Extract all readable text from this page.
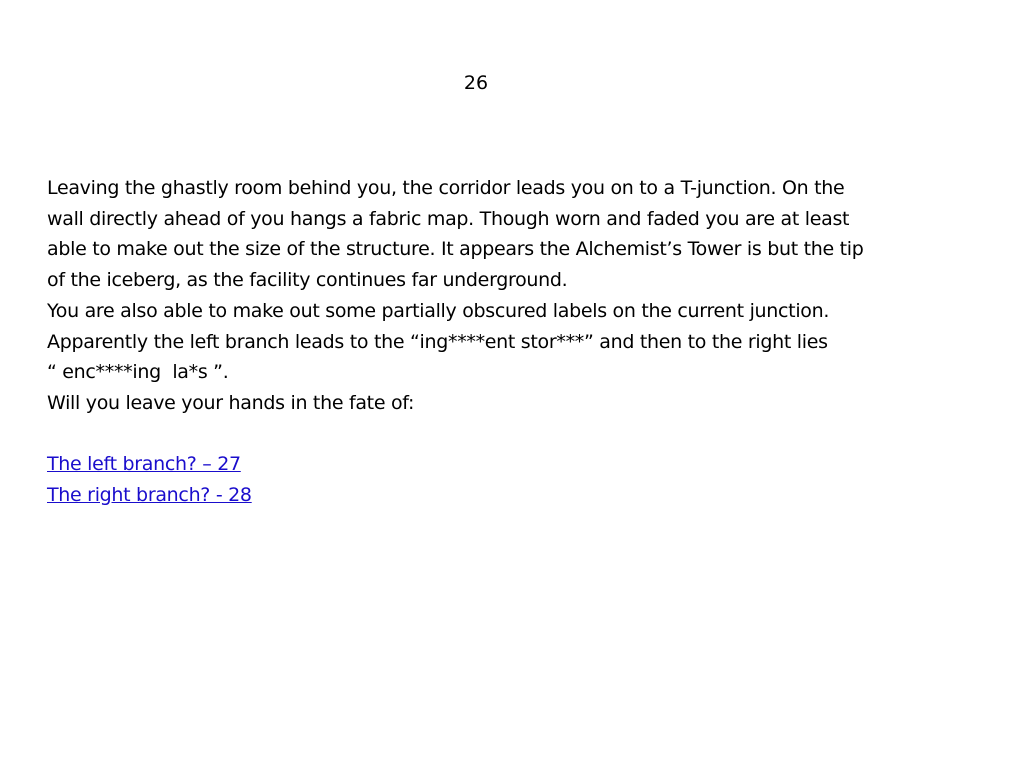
26
Leaving the ghastly room behind you, the corridor leads you on to a T-junction. On the
wall directly ahead of you hangs a fabric map. Though worn and faded you are at least
able to make out the size of the structure. It appears the Alchemist’s Tower is but the tip
of the iceberg, as the facility continues far underground.
You are also able to make out some partially obscured labels on the current junction.
Apparently the left branch leads to the “ing****ent stor***” and then to the right lies
“ enc****ing  la*s ”.
Will you leave your hands in the fate of:
The left branch? – 27
The right branch? - 28
